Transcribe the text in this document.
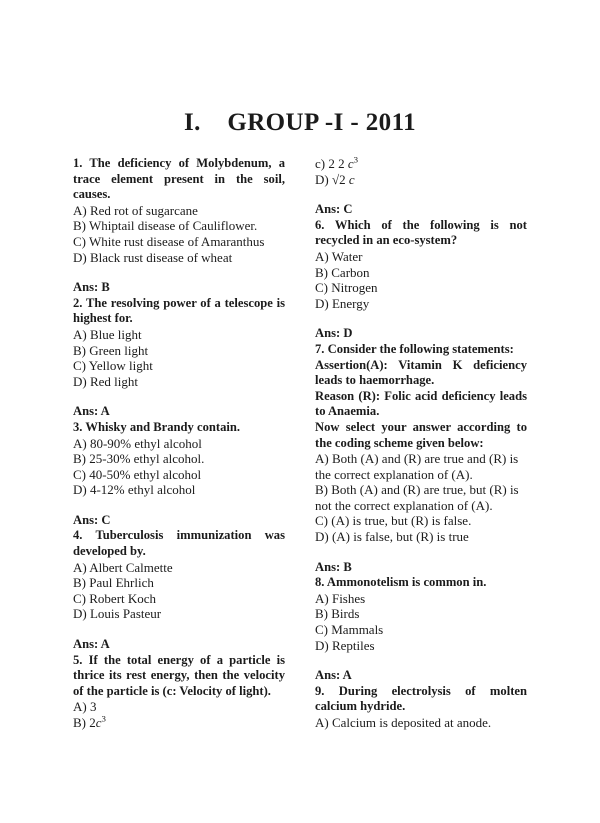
I.    GROUP -I - 2011

1. The deficiency of Molybdenum, a trace element present in the soil, causes.

A) Red rot of sugarcane

B) Whiptail disease of Cauliflower.

C) White rust disease of Amaranthus

D) Black rust disease of wheat

Ans: B

2. The resolving power of a telescope is highest for.

A) Blue light

B) Green light

C) Yellow light

D) Red light

Ans: A

3. Whisky and Brandy contain.

A) 80-90% ethyl alcohol

B) 25-30% ethyl alcohol.

C) 40-50% ethyl alcohol

D) 4-12% ethyl alcohol

Ans: C

4. Tuberculosis immunization was developed by.

A) Albert Calmette

B) Paul Ehrlich

C) Robert Koch

D) Louis Pasteur

Ans: A

5. If the total energy of a particle is thrice its rest energy, then the velocity of the particle is (c: Velocity of light).

A) 3

B) $2c^3$

c) 2 2 $c^3$

D) √2 c

Ans: C

6. Which of the following is not recycled in an eco-system?

A) Water

B) Carbon

C) Nitrogen

D) Energy

Ans: D

7. Consider the following statements:

Assertion(A): Vitamin K deficiency leads to haemorrhage.

Reason (R): Folic acid deficiency leads to Anaemia.

Now select your answer according to the coding scheme given below:

A) Both (A) and (R) are true and (R) is the correct explanation of (A).

B) Both (A) and (R) are true, but (R) is not the correct explanation of (A).

C) (A) is true, but (R) is false.

D) (A) is false, but (R) is true

Ans: B

8. Ammonotelism is common in.

A) Fishes

B) Birds

C) Mammals

D) Reptiles

Ans: A

9. During electrolysis of molten calcium hydride.

A) Calcium is deposited at anode.
